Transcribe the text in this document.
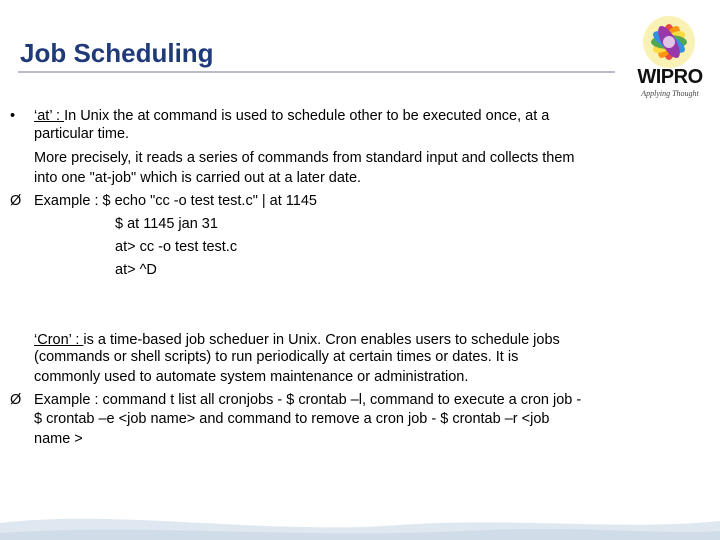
Job Scheduling
WIPRO
Applying Thought
• ‘at’ : In Unix the at command is used to schedule other to be executed once, at a
particular time.
More precisely, it reads a series of commands from standard input and collects them
into one "at-job" which is carried out at a later date.
Ø Example : $ echo "cc -o test test.c" | at 1145
$ at 1145 jan 31
at> cc -o test test.c
at> ^D
‘Cron’ : is a time-based job scheduer in Unix. Cron enables users to schedule jobs
(commands or shell scripts) to run periodically at certain times or dates. It is
commonly used to automate system maintenance or administration.
Ø Example : command t list all cronjobs - $ crontab –l, command to execute a cron job -
$ crontab –e <job name> and command to remove a cron job - $ crontab –r <job
name >
